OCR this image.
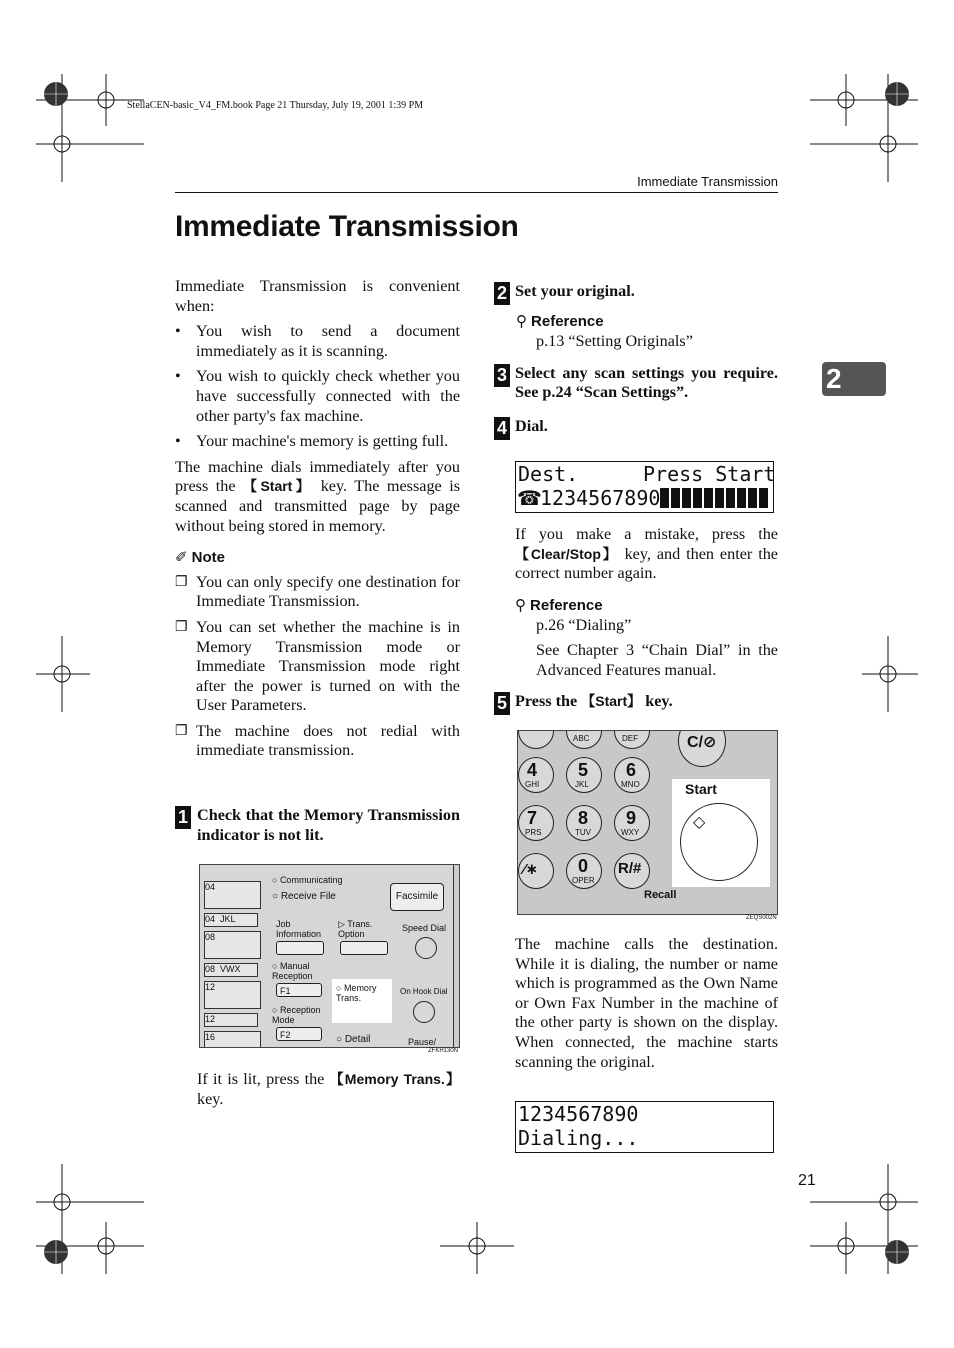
StellaCEN-basic_V4_FM.book Page 21 Thursday, July 19, 2001 1:39 PM
Immediate Transmission
Immediate Transmission
2

Immediate Transmission is convenient when:

• You wish to send a document immediately as it is scanning.
• You wish to quickly check whether you have successfully connected with the other party's fax machine.
• Your machine's memory is getting full.

The machine dials immediately after you press the 【Start】 key. The message is scanned and transmitted page by page without being stored in memory.

✐ Note
❐ You can only specify one destination for Immediate Transmission.
❐ You can set whether the machine is in Memory Transmission mode or Immediate Transmission mode right after the power is turned on with the User Parameters.
❐ The machine does not redial with immediate transmission.
1 Check that the Memory Transmission indicator is not lit.
04
04  JKL
08
08  VWX
12
12
16
○ Communicating
○ Receive File	Facsimile
Job Information
▷ Trans. Option
Speed Dial
○ Manual Reception
○ Memory Trans.
On Hook Dial
F1
○ Reception Mode
F2	○ Detail	Pause/
ZFKH130N
If it is lit, press the 【Memory Trans.】 key.
2 Set your original.
⚲ Reference
p.13 “Setting Originals”
3 Select any scan settings you require. See p.24 “Scan Settings”.
4 Dial.
Dest.	Press Start
☎
1234567890

If you make a mistake, press the 【Clear/Stop】 key, and then enter the correct number again.

⚲ Reference
p.26 “Dialing”
See Chapter 3 “Chain Dial” in the Advanced Features manual.
5 Press the 【Start】 key.
ABC	DEF	C/⊘
4
GHI
5
JKL
6
MNO
7
PRS
8
TUV
9
WXY
⁄∗ 0
OPER
R/#
Recall
Start
◇
ZEQS002N
The machine calls the destination. While it is dialing, the number or name which is programmed as the Own Name or Own Fax Number in the machine of the other party is shown on the display. When connected, the machine starts scanning the original.
1234567890
Dialing...
21
